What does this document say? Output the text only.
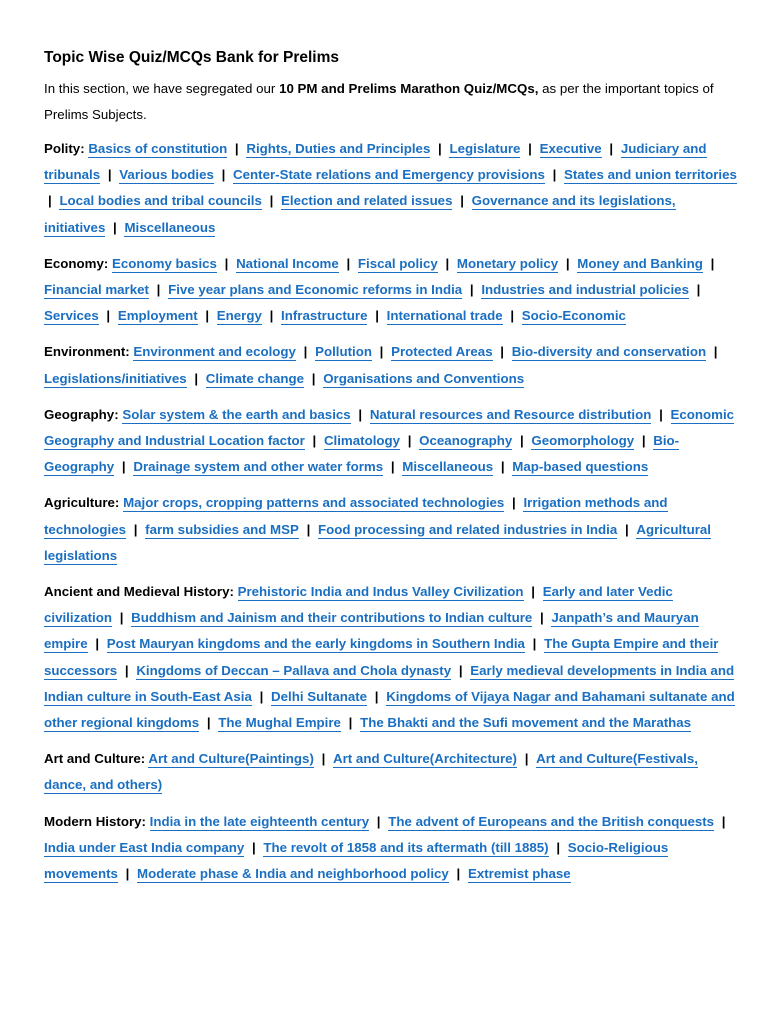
Topic Wise Quiz/MCQs Bank for Prelims

In this section, we have segregated our 10 PM and Prelims Marathon Quiz/MCQs, as per the important topics of Prelims Subjects.

Polity: Basics of constitution | Rights, Duties and Principles | Legislature | Executive | Judiciary and tribunals | Various bodies | Center-State relations and Emergency provisions | States and union territories | Local bodies and tribal councils | Election and related issues | Governance and its legislations, initiatives | Miscellaneous

Economy: Economy basics | National Income | Fiscal policy | Monetary policy | Money and Banking | Financial market | Five year plans and Economic reforms in India | Industries and industrial policies | Services | Employment | Energy | Infrastructure | International trade | Socio-Economic

Environment: Environment and ecology | Pollution | Protected Areas | Bio-diversity and conservation | Legislations/initiatives | Climate change | Organisations and Conventions

Geography: Solar system & the earth and basics | Natural resources and Resource distribution | Economic Geography and Industrial Location factor | Climatology | Oceanography | Geomorphology | Bio-Geography | Drainage system and other water forms | Miscellaneous | Map-based questions

Agriculture: Major crops, cropping patterns and associated technologies | Irrigation methods and technologies | farm subsidies and MSP | Food processing and related industries in India | Agricultural legislations

Ancient and Medieval History: Prehistoric India and Indus Valley Civilization | Early and later Vedic civilization | Buddhism and Jainism and their contributions to Indian culture | Janpath’s and Mauryan empire | Post Mauryan kingdoms and the early kingdoms in Southern India | The Gupta Empire and their successors | Kingdoms of Deccan – Pallava and Chola dynasty | Early medieval developments in India and Indian culture in South-East Asia | Delhi Sultanate | Kingdoms of Vijaya Nagar and Bahamani sultanate and other regional kingdoms | The Mughal Empire | The Bhakti and the Sufi movement and the Marathas

Art and Culture: Art and Culture(Paintings) | Art and Culture(Architecture) | Art and Culture(Festivals, dance, and others)

Modern History: India in the late eighteenth century | The advent of Europeans and the British conquests | India under East India company | The revolt of 1858 and its aftermath (till 1885) | Socio-Religious movements | Moderate phase & India and neighborhood policy | Extremist phase
